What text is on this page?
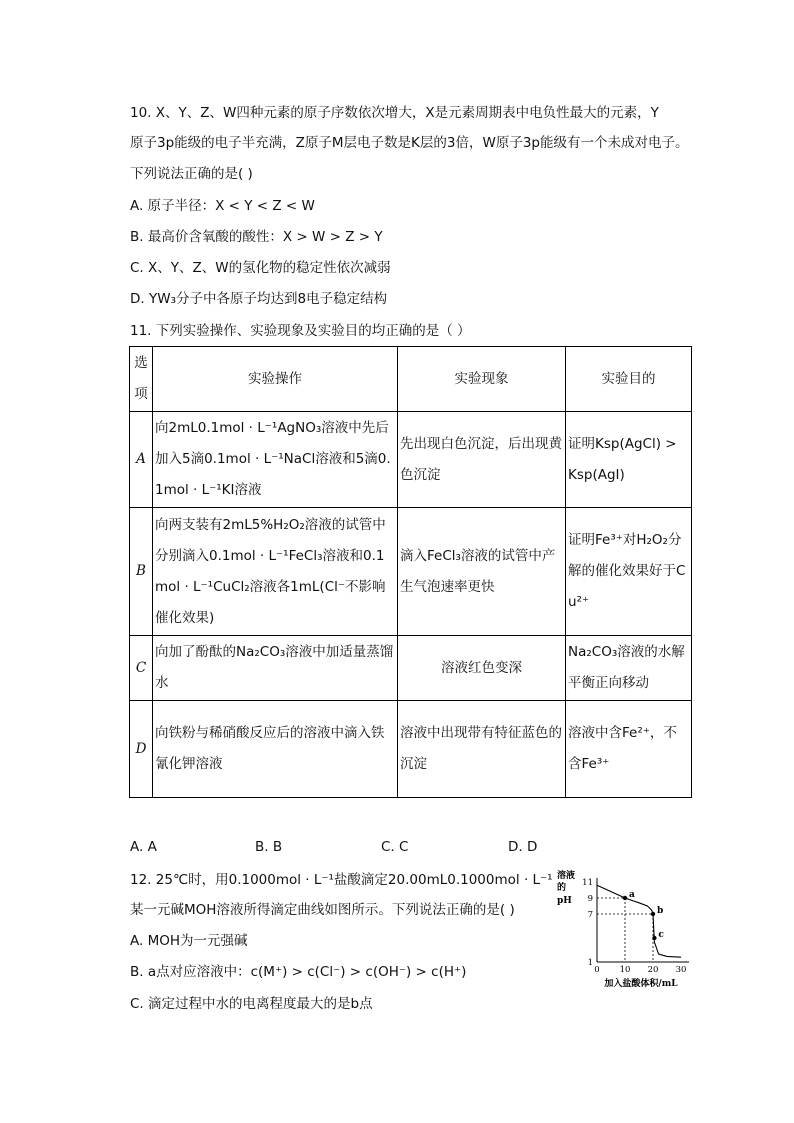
10. X、Y、Z、W四种元素的原子序数依次增大，X是元素周期表中电负性最大的元素，Y
原子3p能级的电子半充满，Z原子M层电子数是K层的3倍，W原子3p能级有一个未成对电子。
下列说法正确的是( )
A. 原子半径：X < Y < Z < W
B. 最高价含氧酸的酸性：X > W > Z > Y
C. X、Y、Z、W的氢化物的稳定性依次减弱
D. YW₃分子中各原子均达到8电子稳定结构
11. 下列实验操作、实验现象及实验目的均正确的是（ ）
选项	实验操作	实验现象	实验目的
A	向2mL0.1mol · L⁻¹AgNO₃溶液中先后加入5滴0.1mol · L⁻¹NaCl溶液和5滴0.1mol · L⁻¹KI溶液	先出现白色沉淀，后出现黄色沉淀	证明Ksp(AgCl) > Ksp(AgI)
B	向两支装有2mL5%H₂O₂溶液的试管中分别滴入0.1mol · L⁻¹FeCl₃溶液和0.1mol · L⁻¹CuCl₂溶液各1mL(Cl⁻不影响催化效果)	滴入FeCl₃溶液的试管中产生气泡速率更快	证明Fe³⁺对H₂O₂分解的催化效果好于Cu²⁺
C	向加了酚酞的Na₂CO₃溶液中加适量蒸馏水	溶液红色变深	Na₂CO₃溶液的水解平衡正向移动
D	向铁粉与稀硝酸反应后的溶液中滴入铁氰化钾溶液	溶液中出现带有特征蓝色的沉淀	溶液中含Fe²⁺，不含Fe³⁺
A. A	B. B	C. C	D. D
12. 25℃时，用0.1000mol · L⁻¹盐酸滴定20.00mL0.1000mol · L⁻¹
某一元碱MOH溶液所得滴定曲线如图所示。下列说法正确的是( )
A. MOH为一元强碱
B. a点对应溶液中：c(M⁺) > c(Cl⁻) > c(OH⁻) > c(H⁺)
C. 滴定过程中水的电离程度最大的是b点
溶液
的
pH
1
7
9
11
0 10 20 30
加入盐酸体积/mL
a
b
c
